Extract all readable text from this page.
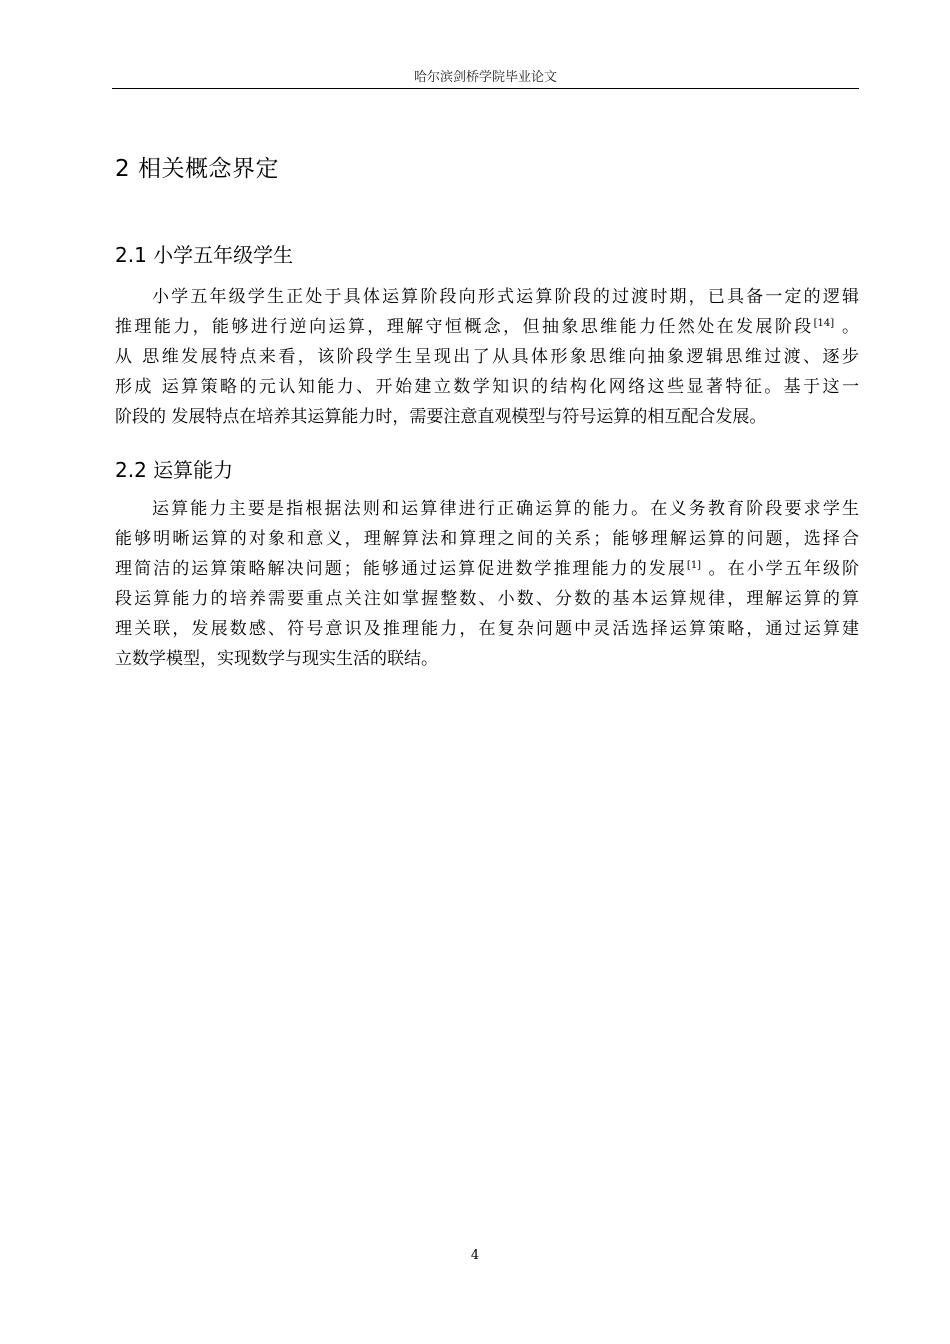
哈尔滨剑桥学院毕业论文
2 相关概念界定
2.1 小学五年级学生
小学五年级学生正处于具体运算阶段向形式运算阶段的过渡时期，已具备一定的逻辑
推理能力，能够进行逆向运算，理解守恒概念，但抽象思维能力任然处在发展阶段[14] 。
从 思维发展特点来看，该阶段学生呈现出了从具体形象思维向抽象逻辑思维过渡、逐步
形成 运算策略的元认知能力、开始建立数学知识的结构化网络这些显著特征。基于这一
阶段的 发展特点在培养其运算能力时，需要注意直观模型与符号运算的相互配合发展。
2.2 运算能力
运算能力主要是指根据法则和运算律进行正确运算的能力。在义务教育阶段要求学生
能够明晰运算的对象和意义，理解算法和算理之间的关系；能够理解运算的问题，选择合
理简洁的运算策略解决问题；能够通过运算促进数学推理能力的发展[1] 。在小学五年级阶
段运算能力的培养需要重点关注如掌握整数、小数、分数的基本运算规律，理解运算的算
理关联，发展数感、符号意识及推理能力，在复杂问题中灵活选择运算策略，通过运算建
立数学模型，实现数学与现实生活的联结。
4
